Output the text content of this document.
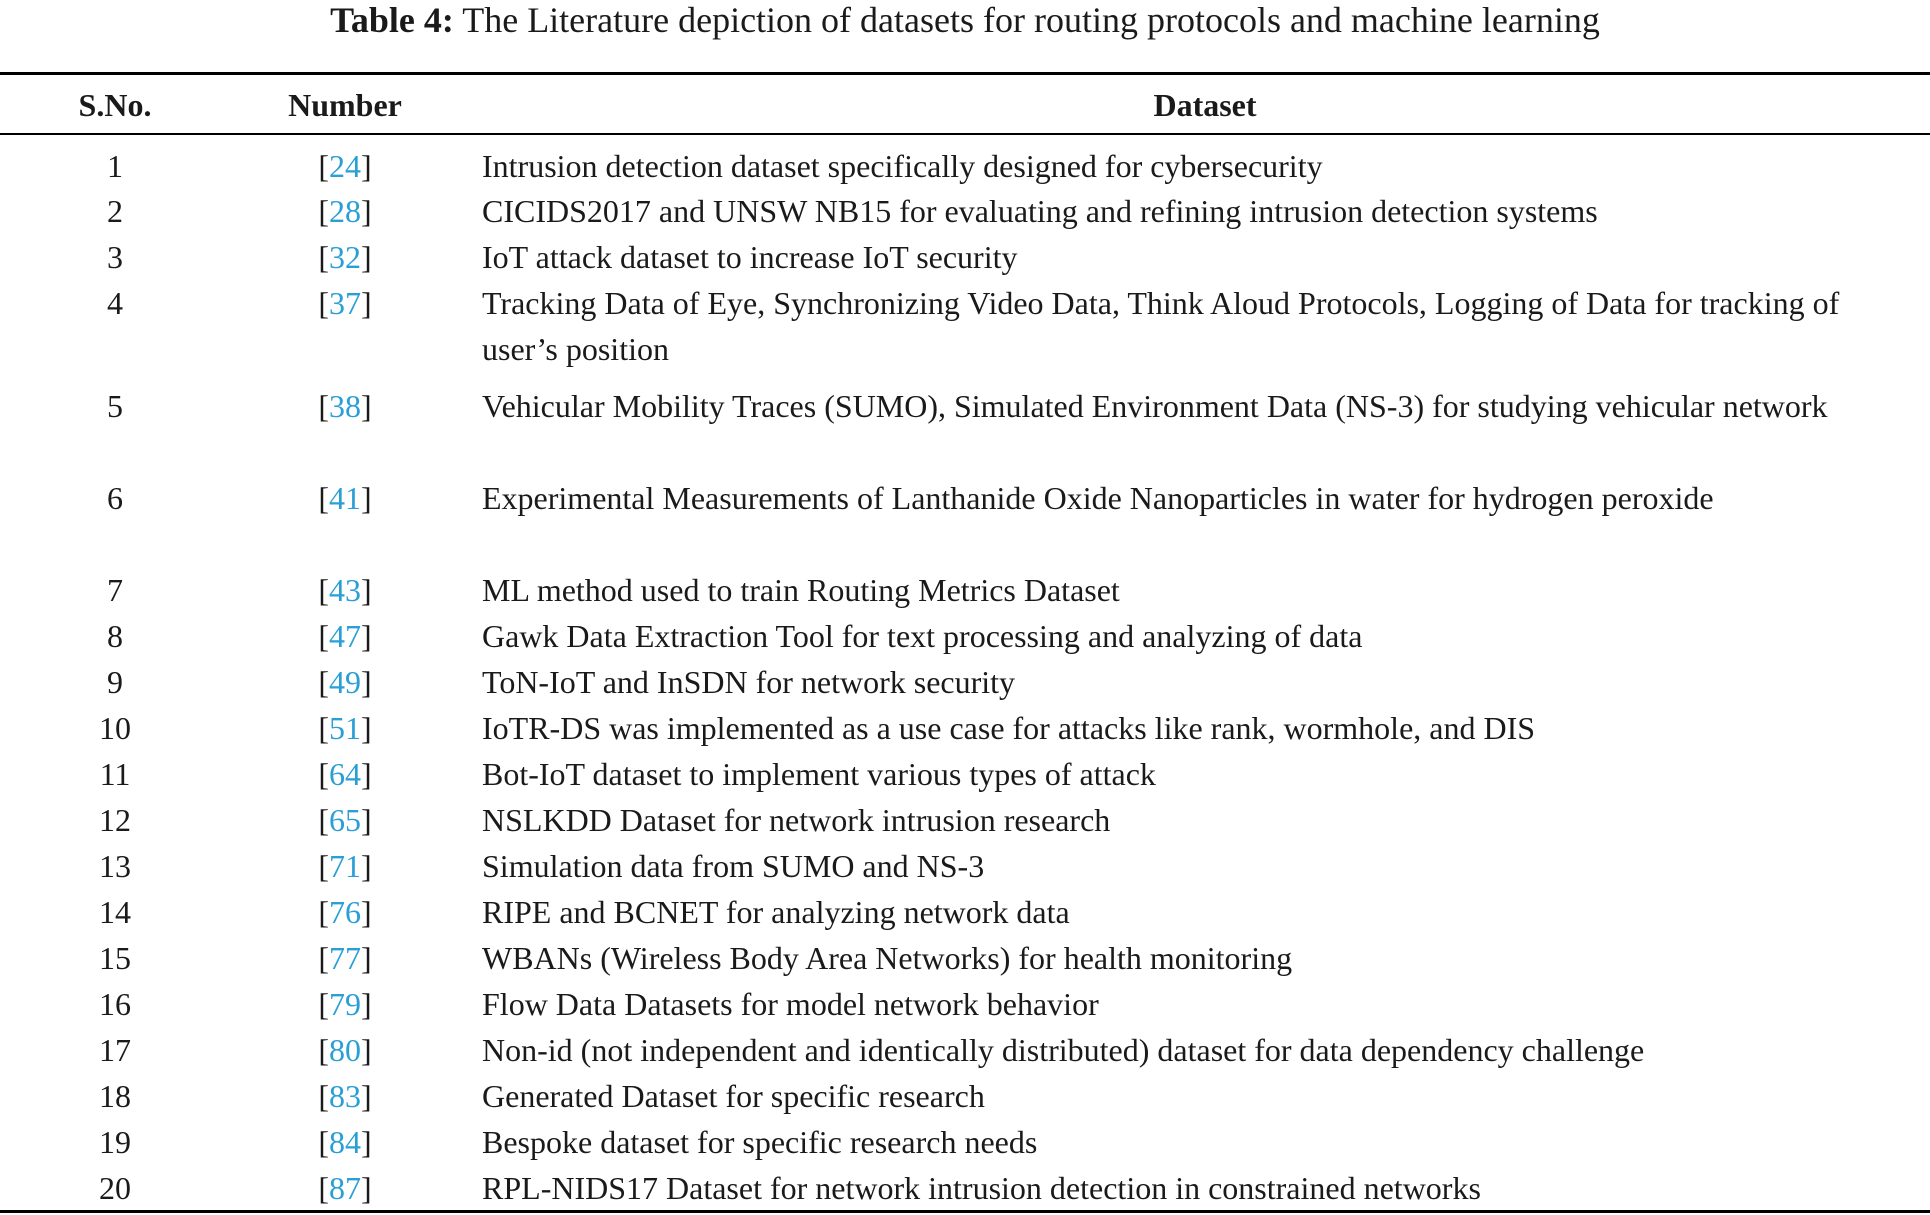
Table 4: The Literature depiction of datasets for routing protocols and machine learning
S.No.	Number	Dataset
1	[24]	Intrusion detection dataset specifically designed for cybersecurity
2	[28]	CICIDS2017 and UNSW NB15 for evaluating and refining intrusion detection systems
3	[32]	IoT attack dataset to increase IoT security
4	[37]	Tracking Data of Eye, Synchronizing Video Data, Think Aloud Protocols, Logging of Data for tracking of user’s position
5	[38]	Vehicular Mobility Traces (SUMO), Simulated Environment Data (NS-3) for studying vehicular network
6	[41]	Experimental Measurements of Lanthanide Oxide Nanoparticles in water for hydrogen peroxide
7	[43]	ML method used to train Routing Metrics Dataset
8	[47]	Gawk Data Extraction Tool for text processing and analyzing of data
9	[49]	ToN-IoT and InSDN for network security
10	[51]	IoTR-DS was implemented as a use case for attacks like rank, wormhole, and DIS
11	[64]	Bot-IoT dataset to implement various types of attack
12	[65]	NSLKDD Dataset for network intrusion research
13	[71]	Simulation data from SUMO and NS-3
14	[76]	RIPE and BCNET for analyzing network data
15	[77]	WBANs (Wireless Body Area Networks) for health monitoring
16	[79]	Flow Data Datasets for model network behavior
17	[80]	Non-id (not independent and identically distributed) dataset for data dependency challenge
18	[83]	Generated Dataset for specific research
19	[84]	Bespoke dataset for specific research needs
20	[87]	RPL-NIDS17 Dataset for network intrusion detection in constrained networks
